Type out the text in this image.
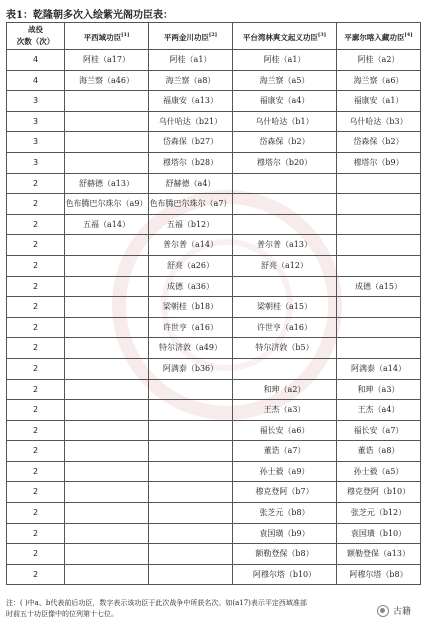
表1：乾隆朝多次入绘紫光阁功臣表：
战役
次数（次）	平西域功臣[1]	平两金川功臣[2]	平台湾林爽文起义功臣[3]	平廓尔喀入藏功臣[4]
4	阿桂（a17）	阿桂（a1）	阿桂（a1）	阿桂（a2）
4	海兰察（a46）	海兰察（a8）	海兰察（a5）	海兰察（a6）
3		福康安（a13）	福康安（a4）	福康安（a1）
3		乌什哈达（b21）	乌什哈达（b1）	乌什哈达（b3）
3		岱森保（b27）	岱森保（b2）	岱森保（b2）
3		穆塔尔（b28）	穆塔尔（b20）	穆塔尔（b9）
2	舒赫德（a13）	舒赫德（a4）		
2	色布腾巴尔珠尔（a9）	色布腾巴尔珠尔（a7）		
2	五福（a14）	五福（b12）		
2		普尔普（a14）	普尔普（a13）	
2		舒亮（a26）	舒亮（a12）	
2		成德（a36）		成德（a15）
2		梁朝桂（b18）	梁朝桂（a15）	
2		许世亨（a16）	许世亨（a16）	
2		特尔济敦（a49）	特尔济敦（b5）	
2		阿满泰（b36）		阿满泰（a14）
2			和珅（a2）	和珅（a3）
2			王杰（a3）	王杰（a4）
2			福长安（a6）	福长安（a7）
2			董诰（a7）	董诰（a8）
2			孙士毅（a9）	孙士毅（a5）
2			穆克登阿（b7）	穆克登阿（b10）
2			张芝元（b8）	张芝元（b12）
2			袁国璜（b9）	袁国璜（b10）
2			额勒登保（b8）	额勒登保（a13）
2			阿穆尔塔（b10）	阿穆尔塔（b8）
注：( )中a、b代表前后功臣，数字表示该功臣于此次战争中所获名次。如(a17)表示平定西域准部
时前五十功臣像中的位列第十七位。	古籍
